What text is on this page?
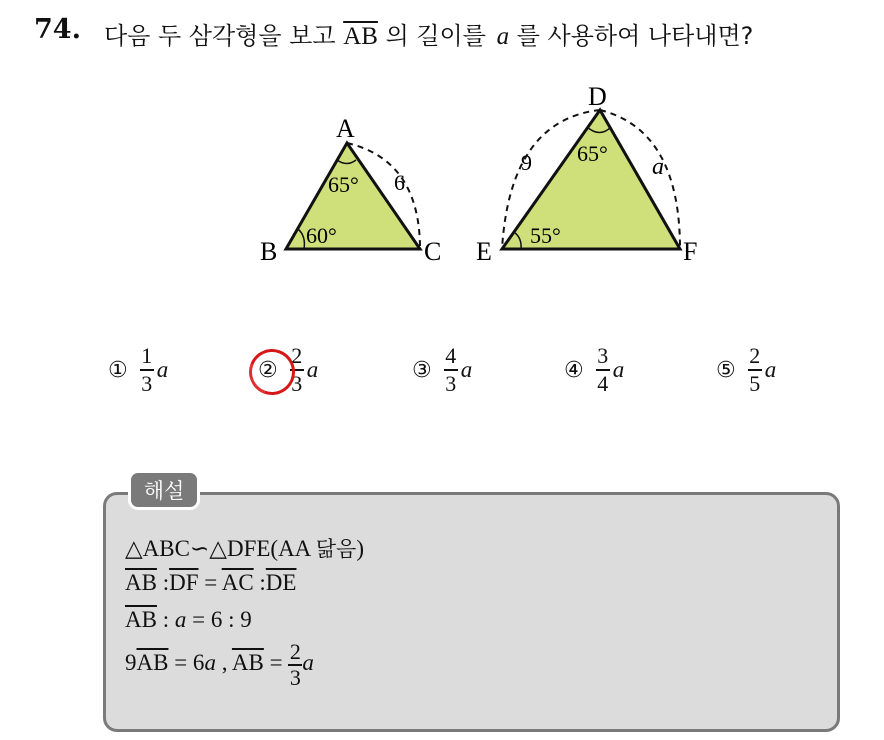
74. 다음 두 삼각형을 보고 $\overline{AB}$ 의 길이를 a 를 사용하여 나타내면?
A
B	C
65°
60°
6
D
E	F
65°
55°
9	a
① $\frac{1}{3}$ a	② $\frac{2}{3}$ a	③ $\frac{4}{3}$ a	④ $\frac{3}{4}$ a	⑤ $\frac{2}{5}$ a
해설
△ABC∽△DFE(AA 닮음)
$\overline{AB}$ $:\overline{DF} = \overline{AC}$ $:\overline{DE}$
$\overline{AB}$ : a = 6 : 9
$9\overline{AB} = 6a$ , $\overline{AB} = \frac{2}{3}$ a
